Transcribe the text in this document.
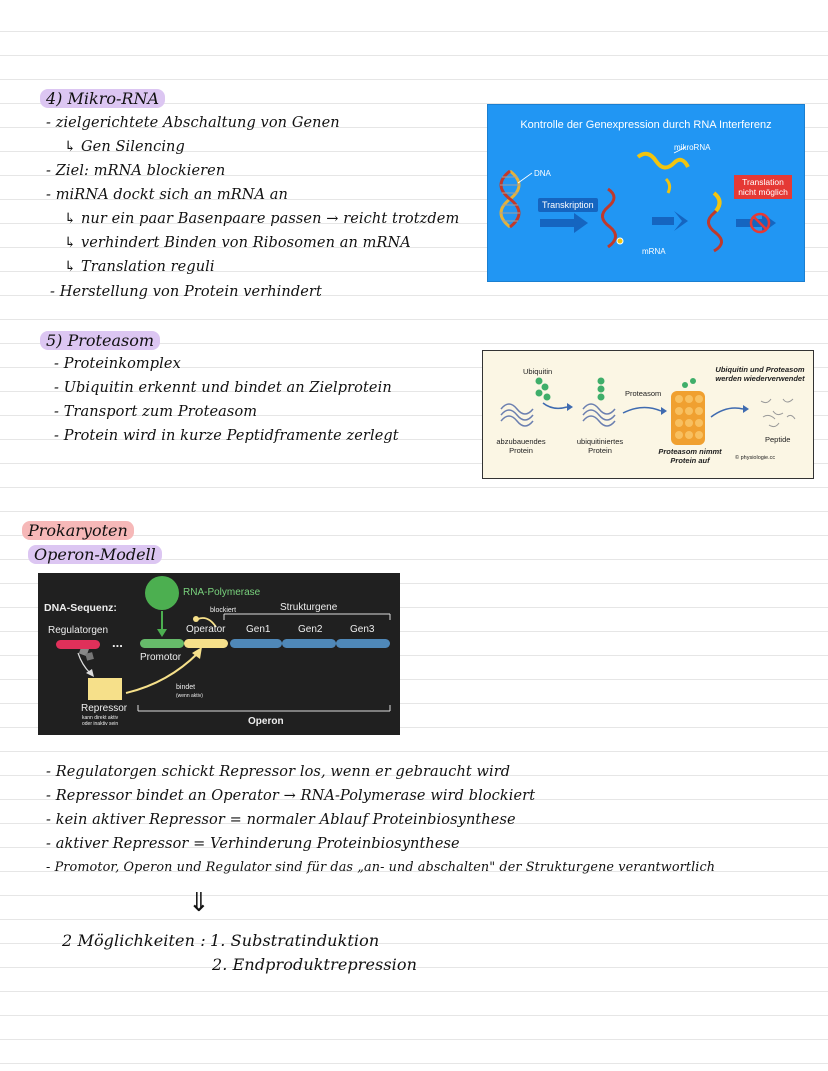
4) Mikro-RNA
- zielgerichtete Abschaltung von Genen
↳ Gen Silencing
- Ziel: mRNA blockieren
- miRNA dockt sich an mRNA an
↳ nur ein paar Basenpaare passen → reicht trotzdem
↳ verhindert Binden von Ribosomen an mRNA
↳ Translation reguli
- Herstellung von Protein verhindert
Kontrolle der Genexpression durch RNA Interferenz
DNA
Transkription
mikroRNA
mRNA
Translation nicht möglich
5) Proteasom
- Proteinkomplex
- Ubiquitin erkennt und bindet an Zielprotein
- Transport zum Proteasom
- Protein wird in kurze Peptidframente zerlegt
Ubiquitin
abzubauendes Protein
ubiquitiniertes Protein
Proteasom
Proteasom nimmt Protein auf
Ubiquitin und Proteasom werden wiederverwendet
Peptide
© physiologie.cc
Prokaryoten
Operon-Modell
DNA-Sequenz:
Regulatorgen
...
RNA-Polymerase
blockiert	Strukturgene
Operator Gen1	Gen2	Gen3
Promotor
Repressor
kann direkt aktiv oder inaktiv sein
bindet
(wenn aktiv)
Operon
- Regulatorgen schickt Repressor los, wenn er gebraucht wird
- Repressor bindet an Operator → RNA-Polymerase wird blockiert
- kein aktiver Repressor = normaler Ablauf Proteinbiosynthese
- aktiver Repressor = Verhinderung Proteinbiosynthese
- Promotor, Operon und Regulator sind für das „an- und abschalten" der Strukturgene verantwortlich
⇓
2 Möglichkeiten : 1. Substratinduktion
2. Endproduktrepression
